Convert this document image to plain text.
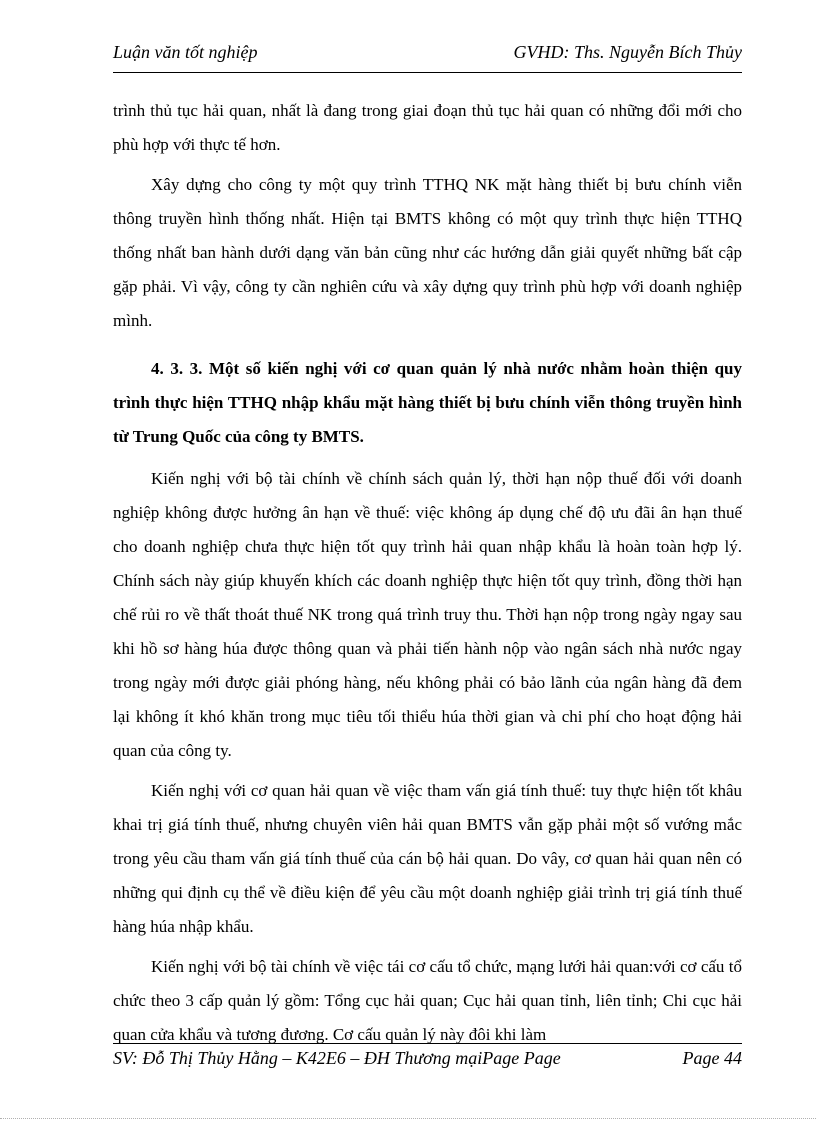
Luận văn tốt nghiệp	GVHD: Ths. Nguyễn Bích Thủy

trình thủ tục hải quan, nhất là đang trong giai đoạn thủ tục hải quan có những đổi mới cho phù hợp với thực tế hơn.

Xây dựng cho công ty một quy trình TTHQ NK mặt hàng thiết bị bưu chính viễn thông truyền hình thống nhất. Hiện tại BMTS không có một quy trình thực hiện TTHQ thống nhất ban hành dưới dạng văn bản cũng như các hướng dẫn giải quyết những bất cập gặp phải. Vì vậy, công ty cần nghiên cứu và xây dựng quy trình phù hợp với doanh nghiệp mình.

4. 3. 3. Một số kiến nghị với cơ quan quản lý nhà nước nhằm hoàn thiện quy trình thực hiện TTHQ nhập khẩu mặt hàng thiết bị bưu chính viễn thông truyền hình từ Trung Quốc của công ty BMTS.

Kiến nghị với bộ tài chính về chính sách quản lý, thời hạn nộp thuế đối với doanh nghiệp không được hưởng ân hạn về thuế: việc không áp dụng chế độ ưu đãi ân hạn thuế cho doanh nghiệp chưa thực hiện tốt quy trình hải quan nhập khẩu là hoàn toàn hợp lý. Chính sách này giúp khuyến khích các doanh nghiệp thực hiện tốt quy trình, đồng thời hạn chế rủi ro về thất thoát thuế NK trong quá trình truy thu. Thời hạn nộp trong ngày ngay sau khi hồ sơ hàng húa được thông quan và phải tiến hành nộp vào ngân sách nhà nước ngay trong ngày mới được giải phóng hàng, nếu không phải có bảo lãnh của ngân hàng đã đem lại không ít khó khăn trong mục tiêu tối thiểu húa thời gian và chi phí cho hoạt động hải quan của công ty.

Kiến nghị với cơ quan hải quan về việc tham vấn giá tính thuế: tuy thực hiện tốt khâu khai trị giá tính thuế, nhưng chuyên viên hải quan BMTS vẫn gặp phải một số vướng mắc trong yêu cầu tham vấn giá tính thuế của cán bộ hải quan. Do vây, cơ quan hải quan nên có những qui định cụ thể về điều kiện để yêu cầu một doanh nghiệp giải trình trị giá tính thuế hàng húa nhập khẩu.

Kiến nghị với bộ tài chính về việc tái cơ cấu tổ chức, mạng lưới hải quan:với cơ cấu tổ chức theo 3 cấp quản lý gồm: Tổng cục hải quan; Cục hải quan tỉnh, liên tỉnh; Chi cục hải quan cửa khẩu và tương đương. Cơ cấu quản lý này đôi khi làm

SV: Đỗ Thị Thủy Hằng – K42E6 – ĐH Thương mạiPage Page	Page 44
